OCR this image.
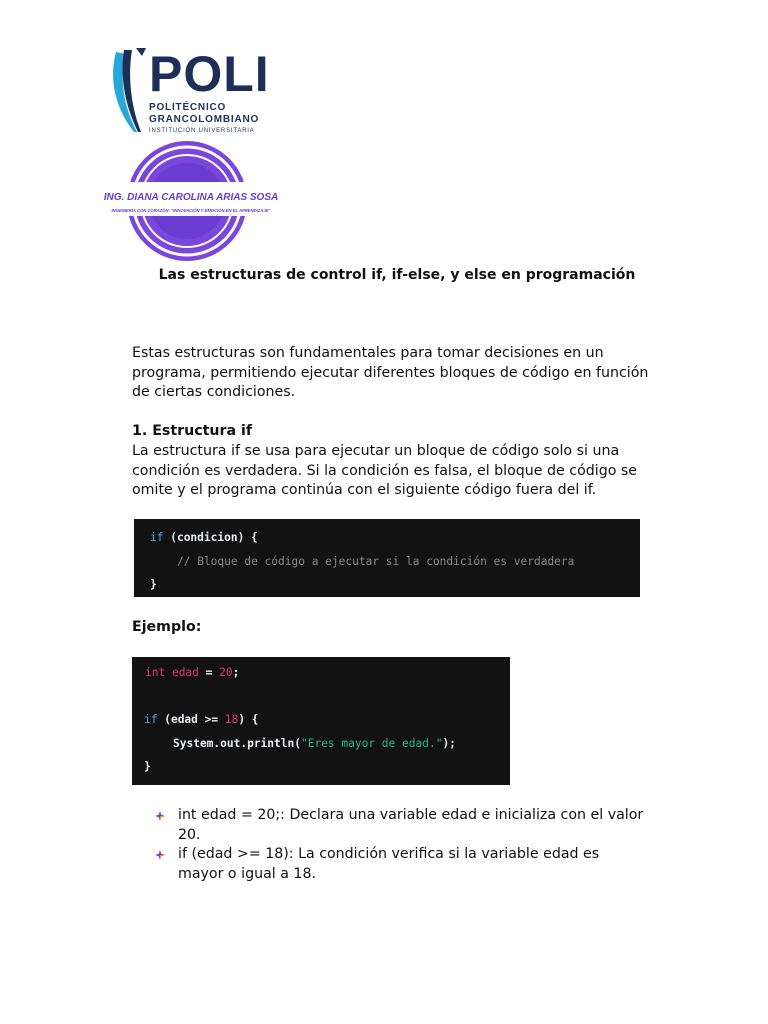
POLI
POLITÉCNICO
GRANCOLOMBIANO
INSTITUCIÓN UNIVERSITARIA
ING. DIANA CAROLINA ARIAS SOSA
INGENIERÍA CON CORAZÓN: "INNOVACIÓN Y EMOCIÓN EN EL APRENDIZAJE"
Las estructuras de control if, if-else, y else en programación

Estas estructuras son fundamentales para tomar decisiones en un programa, permitiendo ejecutar diferentes bloques de código en función de ciertas condiciones.

1. Estructura if

La estructura if se usa para ejecutar un bloque de código solo si una condición es verdadera. Si la condición es falsa, el bloque de código se omite y el programa continúa con el siguiente código fuera del if.

if (condicion) {
// Bloque de código a ejecutar si la condición es verdadera
}
Ejemplo:
int edad = 20;
if (edad >= 18) {
System.out.println("Eres mayor de edad.");
}
int edad = 20;: Declara una variable edad e inicializa con el valor 20.
if (edad >= 18): La condición verifica si la variable edad es mayor o igual a 18.
